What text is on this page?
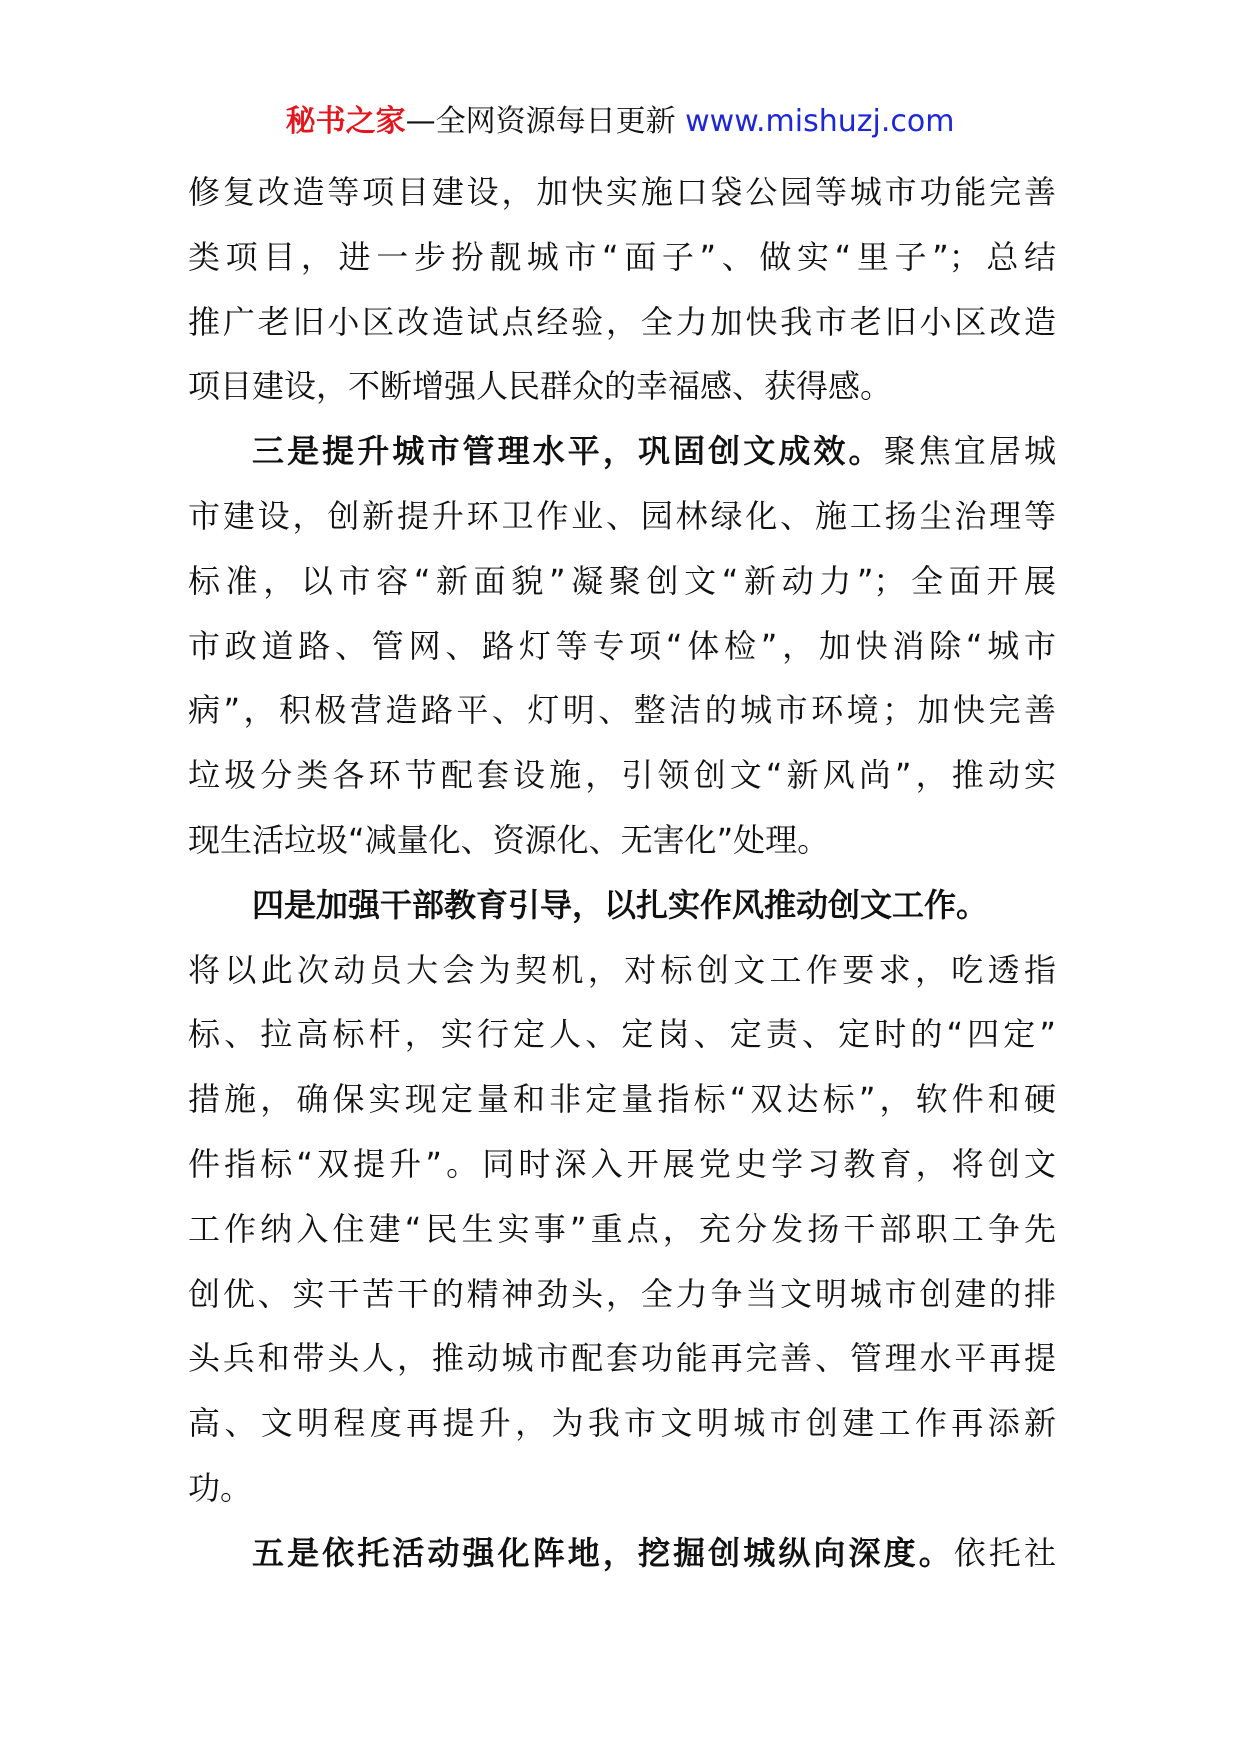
秘书之家—全网资源每日更新 www.mishuzj.com
修复改造等项目建设，加快实施口袋公园等城市功能完善
类项目，进一步扮靓城市“面子”、做实“里子”；总结
推广老旧小区改造试点经验，全力加快我市老旧小区改造
项目建设，不断增强人民群众的幸福感、获得感。
三是提升城市管理水平，巩固创文成效。聚焦宜居城
市建设，创新提升环卫作业、园林绿化、施工扬尘治理等
标准，以市容“新面貌”凝聚创文“新动力”；全面开展
市政道路、管网、路灯等专项“体检”，加快消除“城市
病”，积极营造路平、灯明、整洁的城市环境；加快完善
垃圾分类各环节配套设施，引领创文“新风尚”，推动实
现生活垃圾“减量化、资源化、无害化”处理。
四是加强干部教育引导，以扎实作风推动创文工作。
将以此次动员大会为契机，对标创文工作要求，吃透指
标、拉高标杆，实行定人、定岗、定责、定时的“四定”
措施，确保实现定量和非定量指标“双达标”，软件和硬
件指标“双提升”。同时深入开展党史学习教育，将创文
工作纳入住建“民生实事”重点，充分发扬干部职工争先
创优、实干苦干的精神劲头，全力争当文明城市创建的排
头兵和带头人，推动城市配套功能再完善、管理水平再提
高、文明程度再提升，为我市文明城市创建工作再添新
功。
五是依托活动强化阵地，挖掘创城纵向深度。依托社
